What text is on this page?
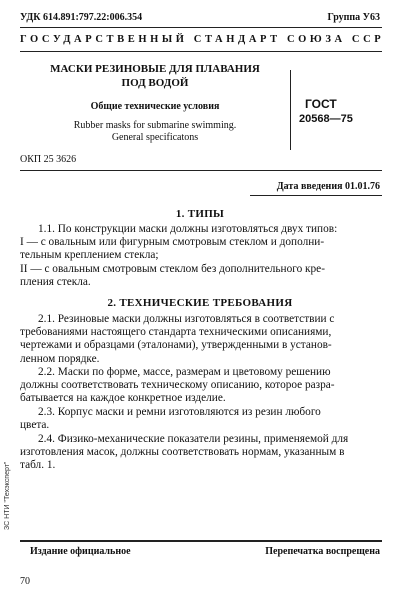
УДК 614.891:797.22:006.354	Группа У63
ГОСУДАРСТВЕННЫЙ СТАНДАРТ СОЮЗА ССР
МАСКИ РЕЗИНОВЫЕ ДЛЯ ПЛАВАНИЯ
ПОД ВОДОЙ
Общие технические условия
Rubber masks for submarine swimming.
General specificatons
ГОСТ
20568—75
ОКП 25 3626
Дата введения 01.01.76
1. ТИПЫ
1.1. По конструкции маски должны изготовляться двух типов:
I — с овальным или фигурным смотровым стеклом и дополни-
тельным креплением стекла;
II — с овальным смотровым стеклом без дополнительного кре-
пления стекла.
2. ТЕХНИЧЕСКИЕ ТРЕБОВАНИЯ
2.1. Резиновые маски должны изготовляться в соответствии с
требованиями настоящего стандарта техническими описаниями,
чертежами и образцами (эталонами), утвержденными в установ-
ленном порядке.
2.2. Маски по форме, массе, размерам и цветовому решению
должны соответствовать техническому описанию, которое разра-
батывается на каждое конкретное изделие.
2.3. Корпус маски и ремни изготовляются из резин любого
цвета.
2.4. Физико-механические показатели резины, применяемой для
изготовления масок, должны соответствовать нормам, указанным в
табл. 1.
ЗС НТИ "Техэксперт"
Издание официальное	Перепечатка воспрещена
70
